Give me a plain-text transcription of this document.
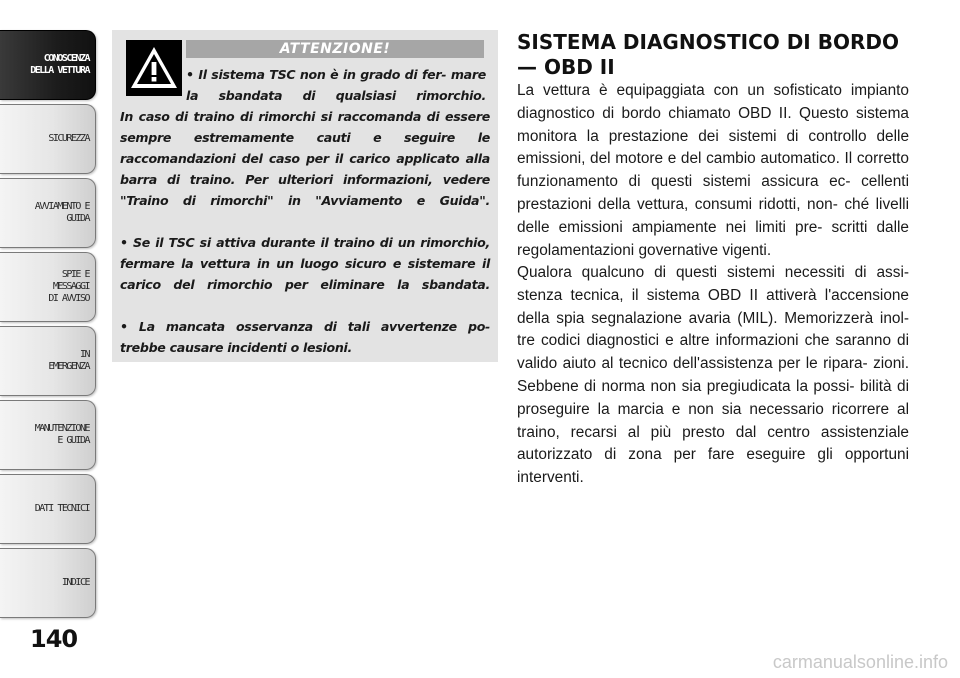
CONOSCENZA
DELLA VETTURA
SICUREZZA
AVVIAMENTO E
GUIDA
SPIE E
MESSAGGI
DI AVVISO
IN
EMERGENZA
MANUTENZIONE
E GUIDA
DATI TECNICI
INDICE
140
ATTENZIONE!
• Il sistema TSC non è in grado di fer- mare la sbandata di qualsiasi rimorchio.
In caso di traino di rimorchi si raccomanda di essere sempre estremamente cauti e seguire le raccomandazioni del caso per il carico applicato alla barra di traino. Per ulteriori informazioni, vedere "Traino di rimorchi" in "Avviamento e Guida".
• Se il TSC si attiva durante il traino di un rimorchio, fermare la vettura in un luogo sicuro e sistemare il carico del rimorchio per eliminare la sbandata.
• La mancata osservanza di tali avvertenze po- trebbe causare incidenti o lesioni.
SISTEMA DIAGNOSTICO DI BORDO — OBD II
La vettura è equipaggiata con un sofisticato impianto diagnostico di bordo chiamato OBD II. Questo sistema monitora la prestazione dei sistemi di controllo delle emissioni, del motore e del cambio automatico. Il corretto funzionamento di questi sistemi assicura ec- cellenti prestazioni della vettura, consumi ridotti, non- ché livelli delle emissioni ampiamente nei limiti pre- scritti dalle regolamentazioni governative vigenti.
Qualora qualcuno di questi sistemi necessiti di assi- stenza tecnica, il sistema OBD II attiverà l'accensione della spia segnalazione avaria (MIL). Memorizzerà inol- tre codici diagnostici e altre informazioni che saranno di valido aiuto al tecnico dell'assistenza per le ripara- zioni. Sebbene di norma non sia pregiudicata la possi- bilità di proseguire la marcia e non sia necessario ricorrere al traino, recarsi al più presto dal centro assistenziale autorizzato di zona per fare eseguire gli opportuni interventi.
carmanualsonline.info
